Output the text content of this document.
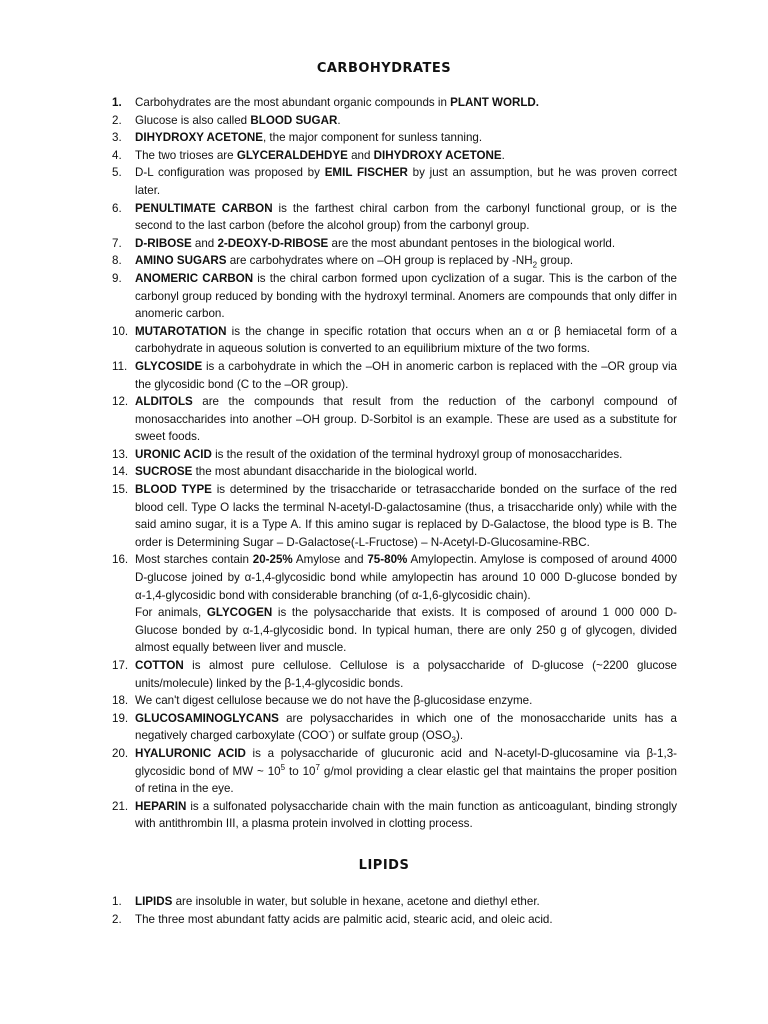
CARBOHYDRATES
1. Carbohydrates are the most abundant organic compounds in PLANT WORLD.
2. Glucose is also called BLOOD SUGAR.
3. DIHYDROXY ACETONE, the major component for sunless tanning.
4. The two trioses are GLYCERALDEHDYE and DIHYDROXY ACETONE.
5. D-L configuration was proposed by EMIL FISCHER by just an assumption, but he was proven correct later.
6. PENULTIMATE CARBON is the farthest chiral carbon from the carbonyl functional group, or is the second to the last carbon (before the alcohol group) from the carbonyl group.
7. D-RIBOSE and 2-DEOXY-D-RIBOSE are the most abundant pentoses in the biological world.
8. AMINO SUGARS are carbohydrates where on –OH group is replaced by $-NH_2$ group.
9. ANOMERIC CARBON is the chiral carbon formed upon cyclization of a sugar. This is the carbon of the carbonyl group reduced by bonding with the hydroxyl terminal. Anomers are compounds that only differ in anomeric carbon.
10. MUTAROTATION is the change in specific rotation that occurs when an α or β hemiacetal form of a carbohydrate in aqueous solution is converted to an equilibrium mixture of the two forms.
11. GLYCOSIDE is a carbohydrate in which the –OH in anomeric carbon is replaced with the –OR group via the glycosidic bond (C to the –OR group).
12. ALDITOLS are the compounds that result from the reduction of the carbonyl compound of monosaccharides into another –OH group. D-Sorbitol is an example. These are used as a substitute for sweet foods.
13. URONIC ACID is the result of the oxidation of the terminal hydroxyl group of monosaccharides.
14. SUCROSE the most abundant disaccharide in the biological world.
15. BLOOD TYPE is determined by the trisaccharide or tetrasaccharide bonded on the surface of the red blood cell. Type O lacks the terminal N-acetyl-D-galactosamine (thus, a trisaccharide only) while with the said amino sugar, it is a Type A. If this amino sugar is replaced by D-Galactose, the blood type is B. The order is Determining Sugar – D-Galactose(-L-Fructose) – N-Acetyl-D-Glucosamine-RBC.
16. Most starches contain 20-25% Amylose and 75-80% Amylopectin. Amylose is composed of around 4000 D-glucose joined by α-1,4-glycosidic bond while amylopectin has around 10 000 D-glucose bonded by α-1,4-glycosidic bond with considerable branching (of α-1,6-glycosidic chain).
For animals, GLYCOGEN is the polysaccharide that exists. It is composed of around 1 000 000 D-Glucose bonded by α-1,4-glycosidic bond. In typical human, there are only 250 g of glycogen, divided almost equally between liver and muscle.
17. COTTON is almost pure cellulose. Cellulose is a polysaccharide of D-glucose (~2200 glucose units/molecule) linked by the β-1,4-glycosidic bonds.
18. We can't digest cellulose because we do not have the β-glucosidase enzyme.
19. GLUCOSAMINOGLYCANS are polysaccharides in which one of the monosaccharide units has a negatively charged carboxylate (COO-) or sulfate group $(OSO_3)$.
20. HYALURONIC ACID is a polysaccharide of glucuronic acid and N-acetyl-D-glucosamine via β-1,3-glycosidic bond of MW ~ $10^5$ to $10^7$ g/mol providing a clear elastic gel that maintains the proper position of retina in the eye.
21. HEPARIN is a sulfonated polysaccharide chain with the main function as anticoagulant, binding strongly with antithrombin III, a plasma protein involved in clotting process.
LIPIDS
1. LIPIDS are insoluble in water, but soluble in hexane, acetone and diethyl ether.
2. The three most abundant fatty acids are palmitic acid, stearic acid, and oleic acid.
